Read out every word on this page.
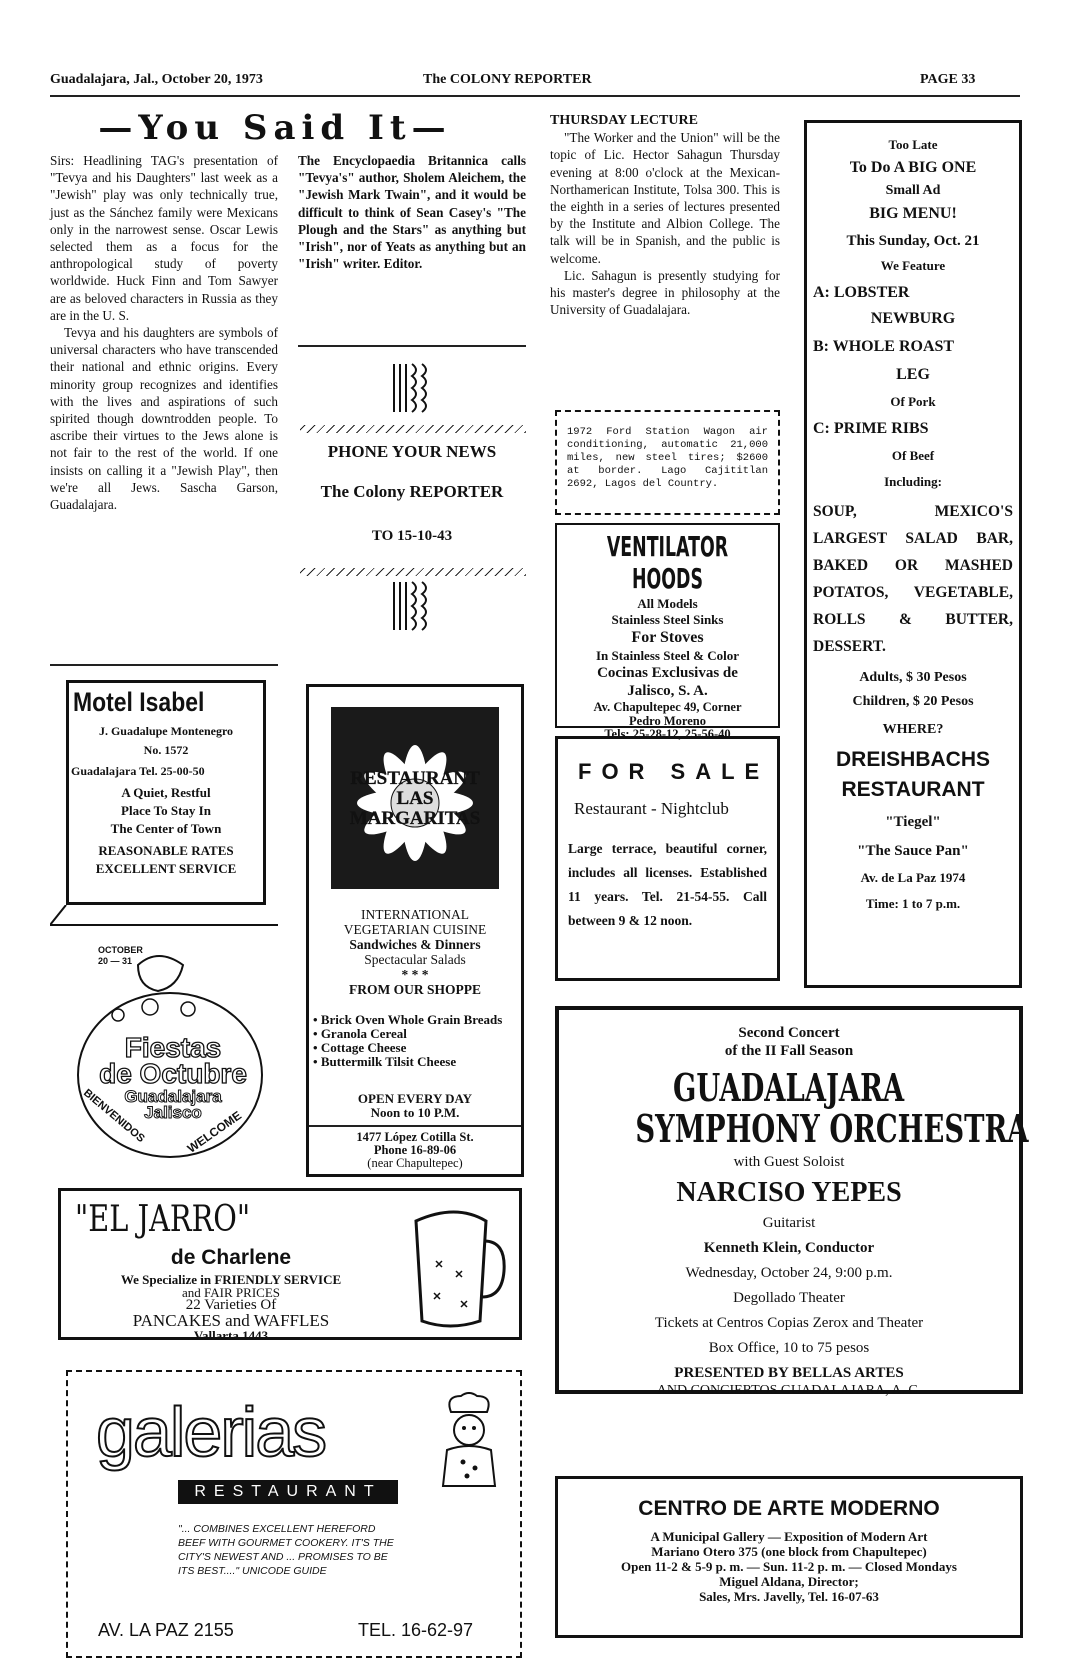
Guadalajara, Jal., October 20, 1973	The COLONY REPORTER	PAGE 33
—You Said It—

Sirs: Headlining TAG's presentation of "Tevya and his Daughters" last week as a "Jewish" play was only technically true, just as the Sánchez family were Mexicans only in the narrowest sense. Oscar Lewis selected them as a focus for the anthropological study of poverty worldwide. Huck Finn and Tom Sawyer are as beloved characters in Russia as they are in the U. S.

Tevya and his daughters are symbols of universal characters who have transcended their national and ethnic origins. Every minority group recognizes and identifies with the lives and aspirations of such spirited though downtrodden people. To ascribe their virtues to the Jews alone is not fair to the rest of the world. If one insists on calling it a "Jewish Play", then we're all Jews. Sascha Garson, Guadalajara.

The Encyclopaedia Britannica calls "Tevya's" author, Sholem Aleichem, the "Jewish Mark Twain", and it would be difficult to think of Sean Casey's "The Plough and the Stars" as anything but "Irish", nor of Yeats as anything but an "Irish" writer. Editor.
PHONE YOUR NEWS
The Colony REPORTER
TO 15-10-43
THURSDAY LECTURE

"The Worker and the Union" will be the topic of Lic. Hector Sahagun Thursday evening at 8:00 o'clock at the Mexican-Northamerican Institute, Tolsa 300. This is the eighth in a series of lectures presented by the Institute and Albion College. The talk will be in Spanish, and the public is welcome.

Lic. Sahagun is presently studying for his master's degree in philosophy at the University of Guadalajara.

1972 Ford Station Wagon air conditioning, automatic 21,000 miles, new steel tires; $2600 at border. Lago Cajititlan 2692, Lagos del Country.
VENTILATOR HOODS
All Models
Stainless Steel Sinks
For Stoves
In Stainless Steel & Color
Cocinas Exclusivas de
Jalisco, S. A.
Av. Chapultepec 49, Corner
Pedro Moreno
Tels: 25-28-12, 25-56-40
FOR SALE
Restaurant - Nightclub
Large terrace, beautiful corner, includes all licenses. Established 11 years. Tel. 21-54-55. Call between 9 & 12 noon.
Too Late
To Do A BIG ONE
Small Ad
BIG MENU!
This Sunday, Oct. 21
We Feature
A: LOBSTER
NEWBURG
B: WHOLE ROAST
LEG
Of Pork
C: PRIME RIBS
Of Beef
Including:
SOUP, MEXICO'S LARGEST SALAD BAR, BAKED OR MASHED POTATOS, VEGETABLE, ROLLS & BUTTER, DESSERT.
Adults, $ 30 Pesos
Children, $ 20 Pesos
WHERE?
DREISHBACHS
RESTAURANT
"Tiegel"
"The Sauce Pan"
Av. de La Paz 1974
Time: 1 to 7 p.m.
Motel Isabel
J. Guadalupe Montenegro
No. 1572
Guadalajara Tel. 25-00-50
A Quiet, Restful
Place To Stay In
The Center of Town
REASONABLE RATES
EXCELLENT SERVICE
OCTOBER
20 — 31
Fiestas
de Octubre
Guadalajara
Jalisco
BIENVENIDOS	WELCOME
RESTAURANT
LAS
MARGARITAS
INTERNATIONAL
VEGETARIAN CUISINE
Sandwiches & Dinners
Spectacular Salads
* * *
FROM OUR SHOPPE
• Brick Oven Whole Grain Breads
• Granola Cereal
• Cottage Cheese
• Buttermilk Tilsit Cheese
OPEN EVERY DAY
Noon to 10 P.M.
1477 López Cotilla St.
Phone 16-89-06
(near Chapultepec)
"EL JARRO"
de Charlene
We Specialize in FRIENDLY SERVICE
and FAIR PRICES
22 Varieties Of
PANCAKES and WAFFLES
Vallarta 1443
galerias
RESTAURANT
"... COMBINES EXCELLENT HEREFORD
BEEF WITH GOURMET COOKERY. IT'S THE
CITY'S NEWEST AND ... PROMISES TO BE
ITS BEST...." UNICODE GUIDE
AV. LA PAZ 2155	TEL. 16-62-97
Second Concert
of the II Fall Season
GUADALAJARA
SYMPHONY ORCHESTRA
with Guest Soloist
NARCISO YEPES
Guitarist
Kenneth Klein, Conductor
Wednesday, October 24, 9:00 p.m.
Degollado Theater
Tickets at Centros Copias Zerox and Theater
Box Office, 10 to 75 pesos
PRESENTED BY BELLAS ARTES
AND CONCIERTOS GUADALAJARA, A. C.
CENTRO DE ARTE MODERNO
A Municipal Gallery — Exposition of Modern Art
Mariano Otero 375 (one block from Chapultepec)
Open 11-2 & 5-9 p. m. — Sun. 11-2 p. m. — Closed Mondays
Miguel Aldana, Director;
Sales, Mrs. Javelly, Tel. 16-07-63
